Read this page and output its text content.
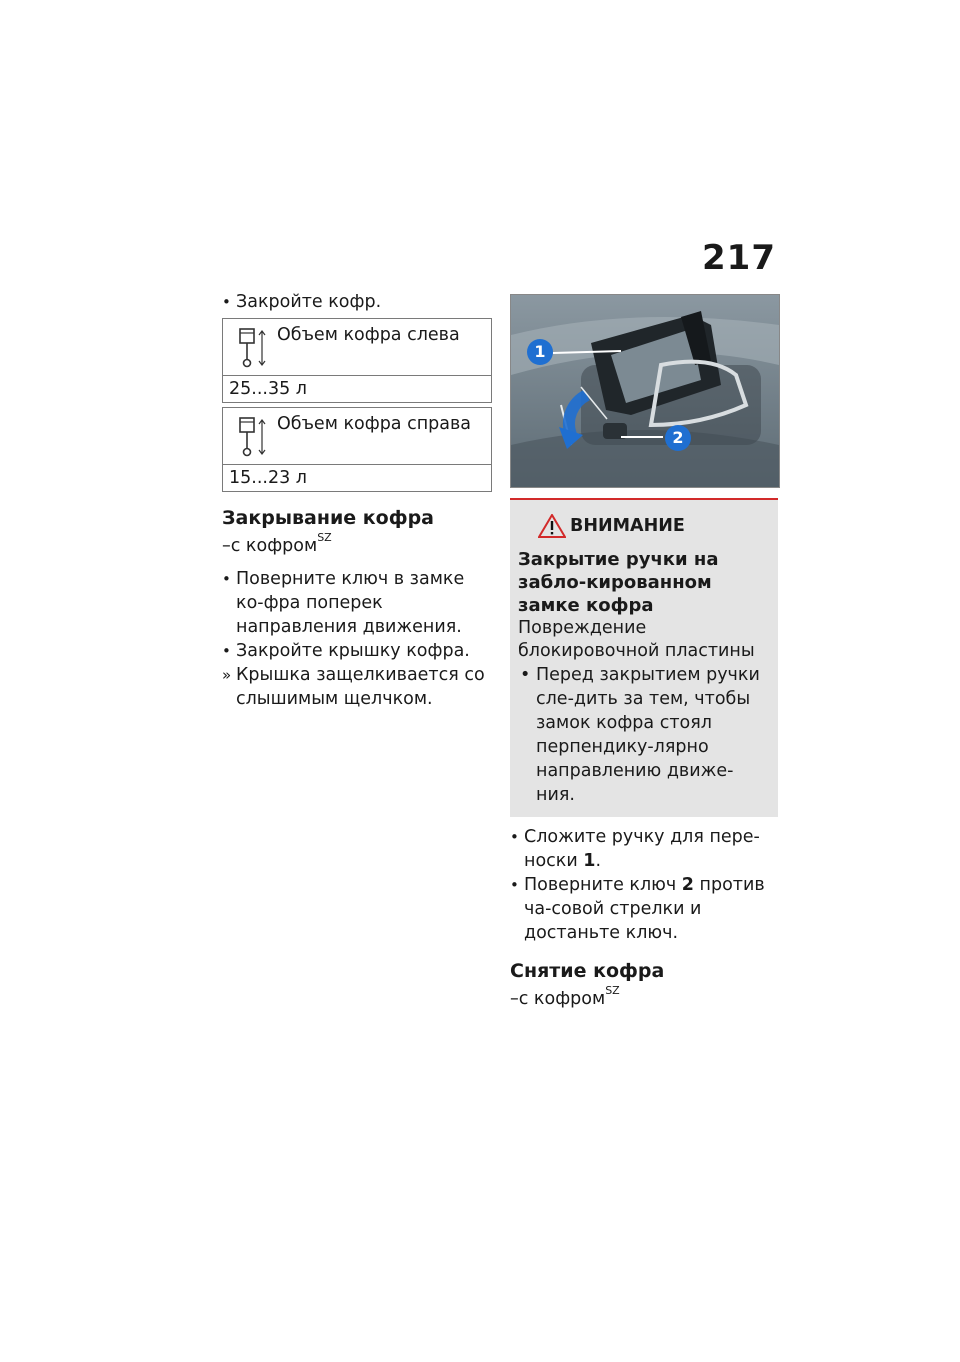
217
• Закройте кофр.
Объем кофра слева
25...35 л
Объем кофра справа
15...23 л
Закрывание кофра
–с кофром$^{SZ}$
• Поверните ключ в замке ко-фра поперек направления движения.
• Закройте крышку кофра.
» Крышка защелкивается со слышимым щелчком.
1
2
ВНИМАНИЕ
Закрытие ручки на забло-кированном замке кофра
Повреждение блокировочной пластины
• Перед закрытием ручки сле-дить за тем, чтобы замок кофра стоял перпендику-лярно направлению движе-ния.
• Сложите ручку для пере-носки 1.
• Поверните ключ 2 против ча-совой стрелки и достаньте ключ.
Снятие кофра
–с кофром$^{SZ}$
